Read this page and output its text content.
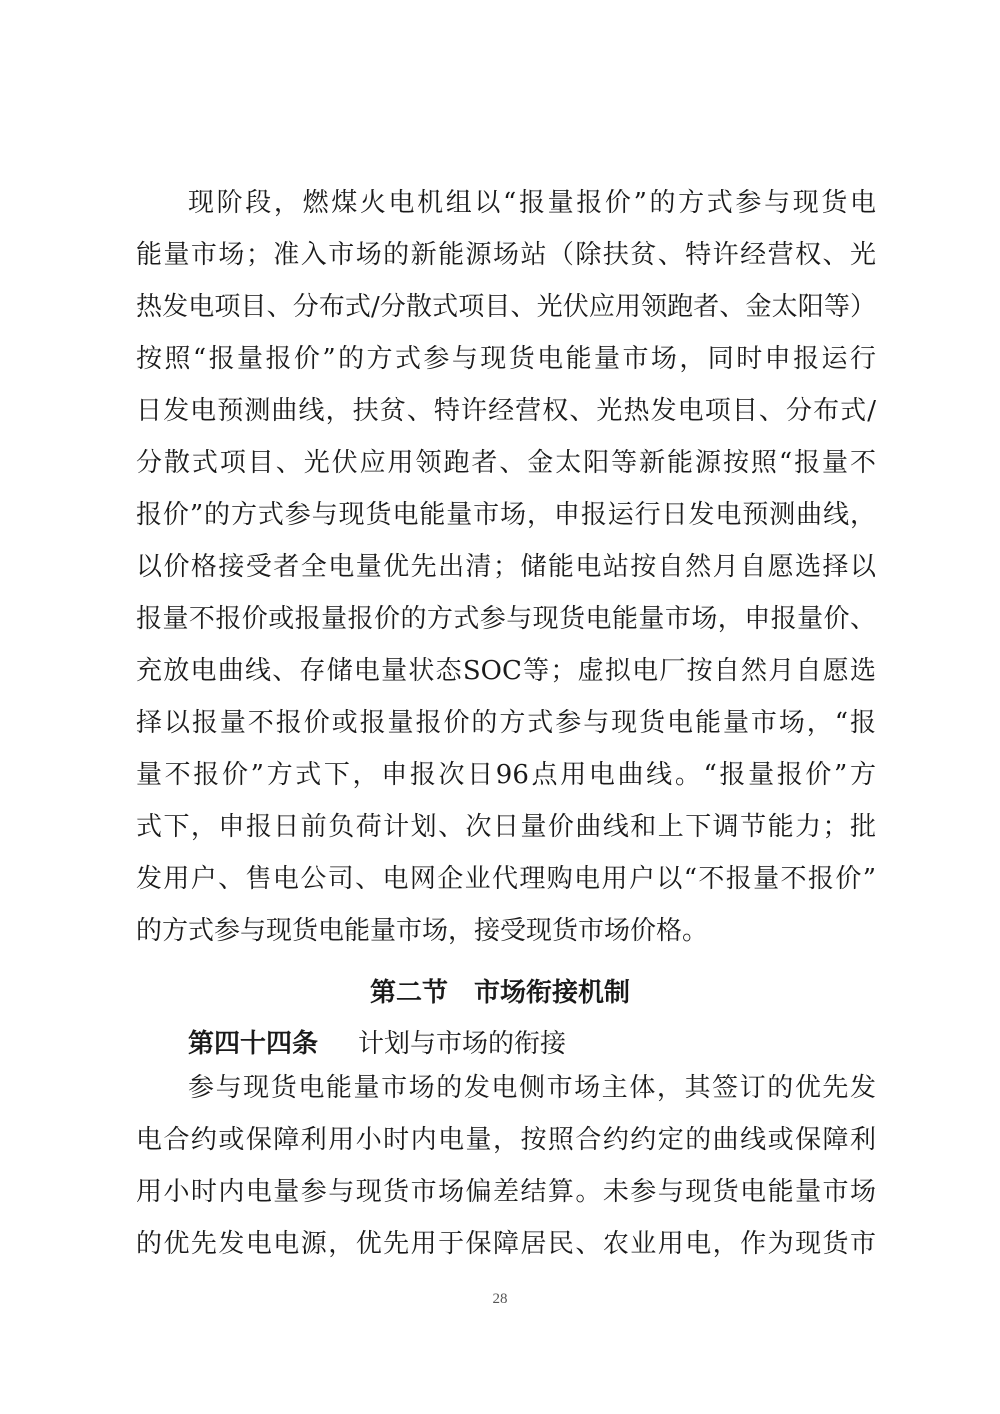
现阶段，燃煤火电机组以“报量报价”的方式参与现货电
能量市场；准入市场的新能源场站（除扶贫、特许经营权、光
热发电项目、分布式/分散式项目、光伏应用领跑者、金太阳等）
按照“报量报价”的方式参与现货电能量市场，同时申报运行
日发电预测曲线，扶贫、特许经营权、光热发电项目、分布式/
分散式项目、光伏应用领跑者、金太阳等新能源按照“报量不
报价”的方式参与现货电能量市场，申报运行日发电预测曲线，
以价格接受者全电量优先出清；储能电站按自然月自愿选择以
报量不报价或报量报价的方式参与现货电能量市场，申报量价、
充放电曲线、存储电量状态SOC等；虚拟电厂按自然月自愿选
择以报量不报价或报量报价的方式参与现货电能量市场，“报
量不报价”方式下，申报次日96点用电曲线。“报量报价”方
式下，申报日前负荷计划、次日量价曲线和上下调节能力；批
发用户、售电公司、电网企业代理购电用户以“不报量不报价”
的方式参与现货电能量市场，接受现货市场价格。
第二节　市场衔接机制
第四十四条 计划与市场的衔接
参与现货电能量市场的发电侧市场主体，其签订的优先发
电合约或保障利用小时内电量，按照合约约定的曲线或保障利
用小时内电量参与现货市场偏差结算。未参与现货电能量市场
的优先发电电源，优先用于保障居民、农业用电，作为现货市
28
